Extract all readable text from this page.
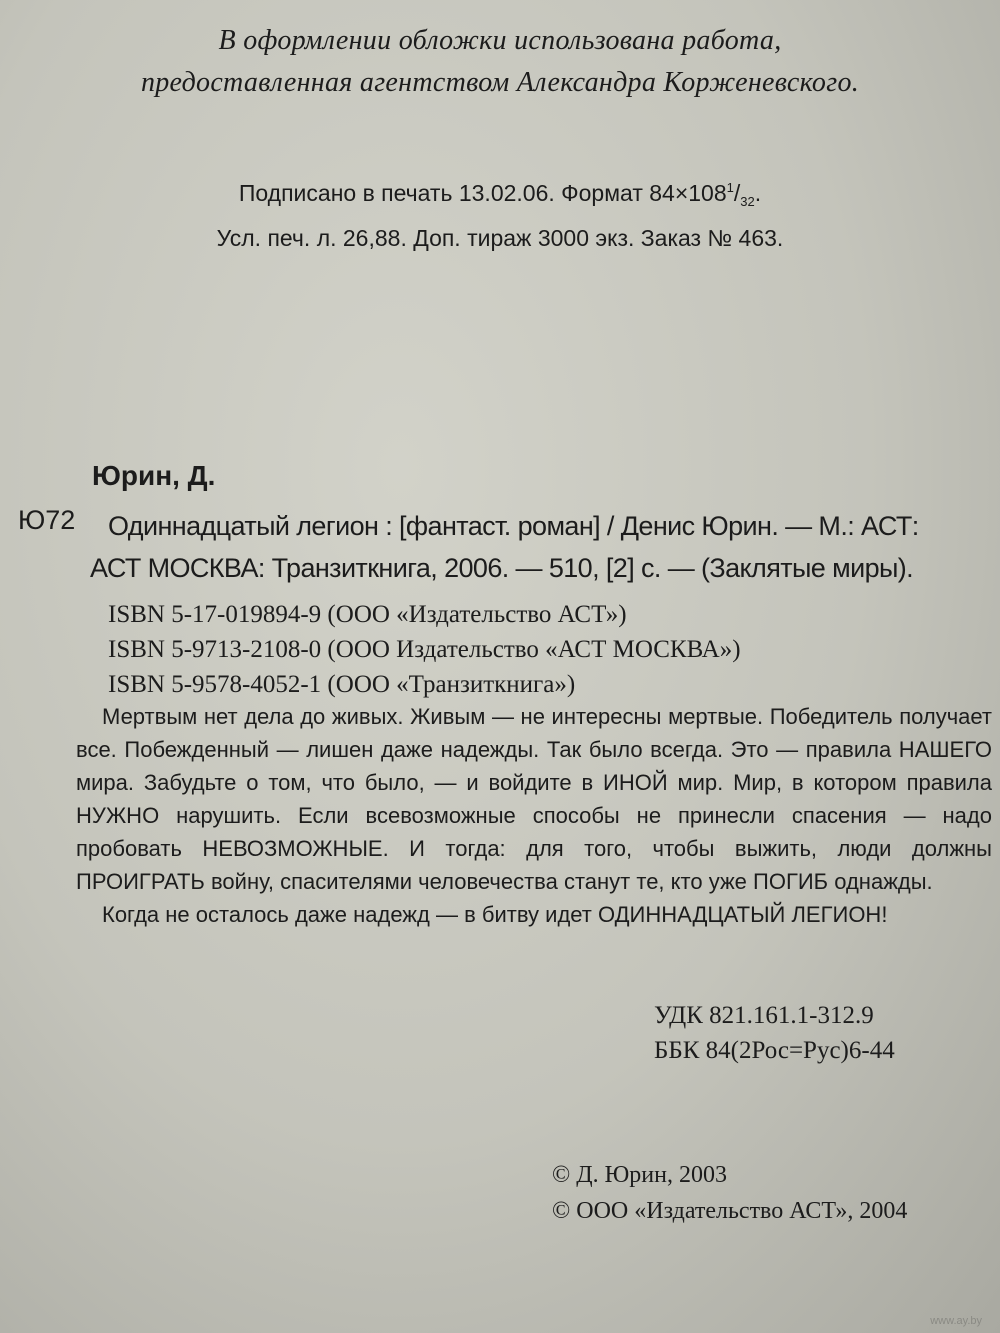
В оформлении обложки использована работа,
предоставленная агентством Александра Корженевского.
Подписано в печать 13.02.06. Формат $84\times 108^1/_{32}$.
Усл. печ. л. 26,88. Доп. тираж 3000 экз. Заказ № 463.
Юрин, Д.
Ю72 Одиннадцатый легион : [фантаст. роман] / Денис Юрин. — М.: АСТ:
АСТ МОСКВА: Транзиткнига, 2006. — 510, [2] с. — (Заклятые миры).
ISBN 5-17-019894-9 (ООО «Издательство АСТ»)
ISBN 5-9713-2108-0 (ООО Издательство «АСТ МОСКВА»)
ISBN 5-9578-4052-1 (ООО «Транзиткнига»)
Мертвым нет дела до живых. Живым — не интересны мертвые. Победитель получает все. Побежденный — лишен даже надежды. Так было всегда. Это — правила НАШЕГО мира. Забудьте о том, что было, — и войдите в ИНОЙ мир. Мир, в котором правила НУЖНО нарушить. Если всевозможные способы не принесли спасения — надо пробовать НЕВОЗМОЖНЫЕ. И тогда: для того, чтобы выжить, люди должны ПРОИГРАТЬ войну, спасителями человечества станут те, кто уже ПОГИБ однажды.
Когда не осталось даже надежд — в битву идет ОДИННАДЦАТЫЙ ЛЕГИОН!
УДК 821.161.1-312.9
ББК 84(2Рос=Рус)6-44
© Д. Юрин, 2003
© ООО «Издательство АСТ», 2004
www.ay.by
